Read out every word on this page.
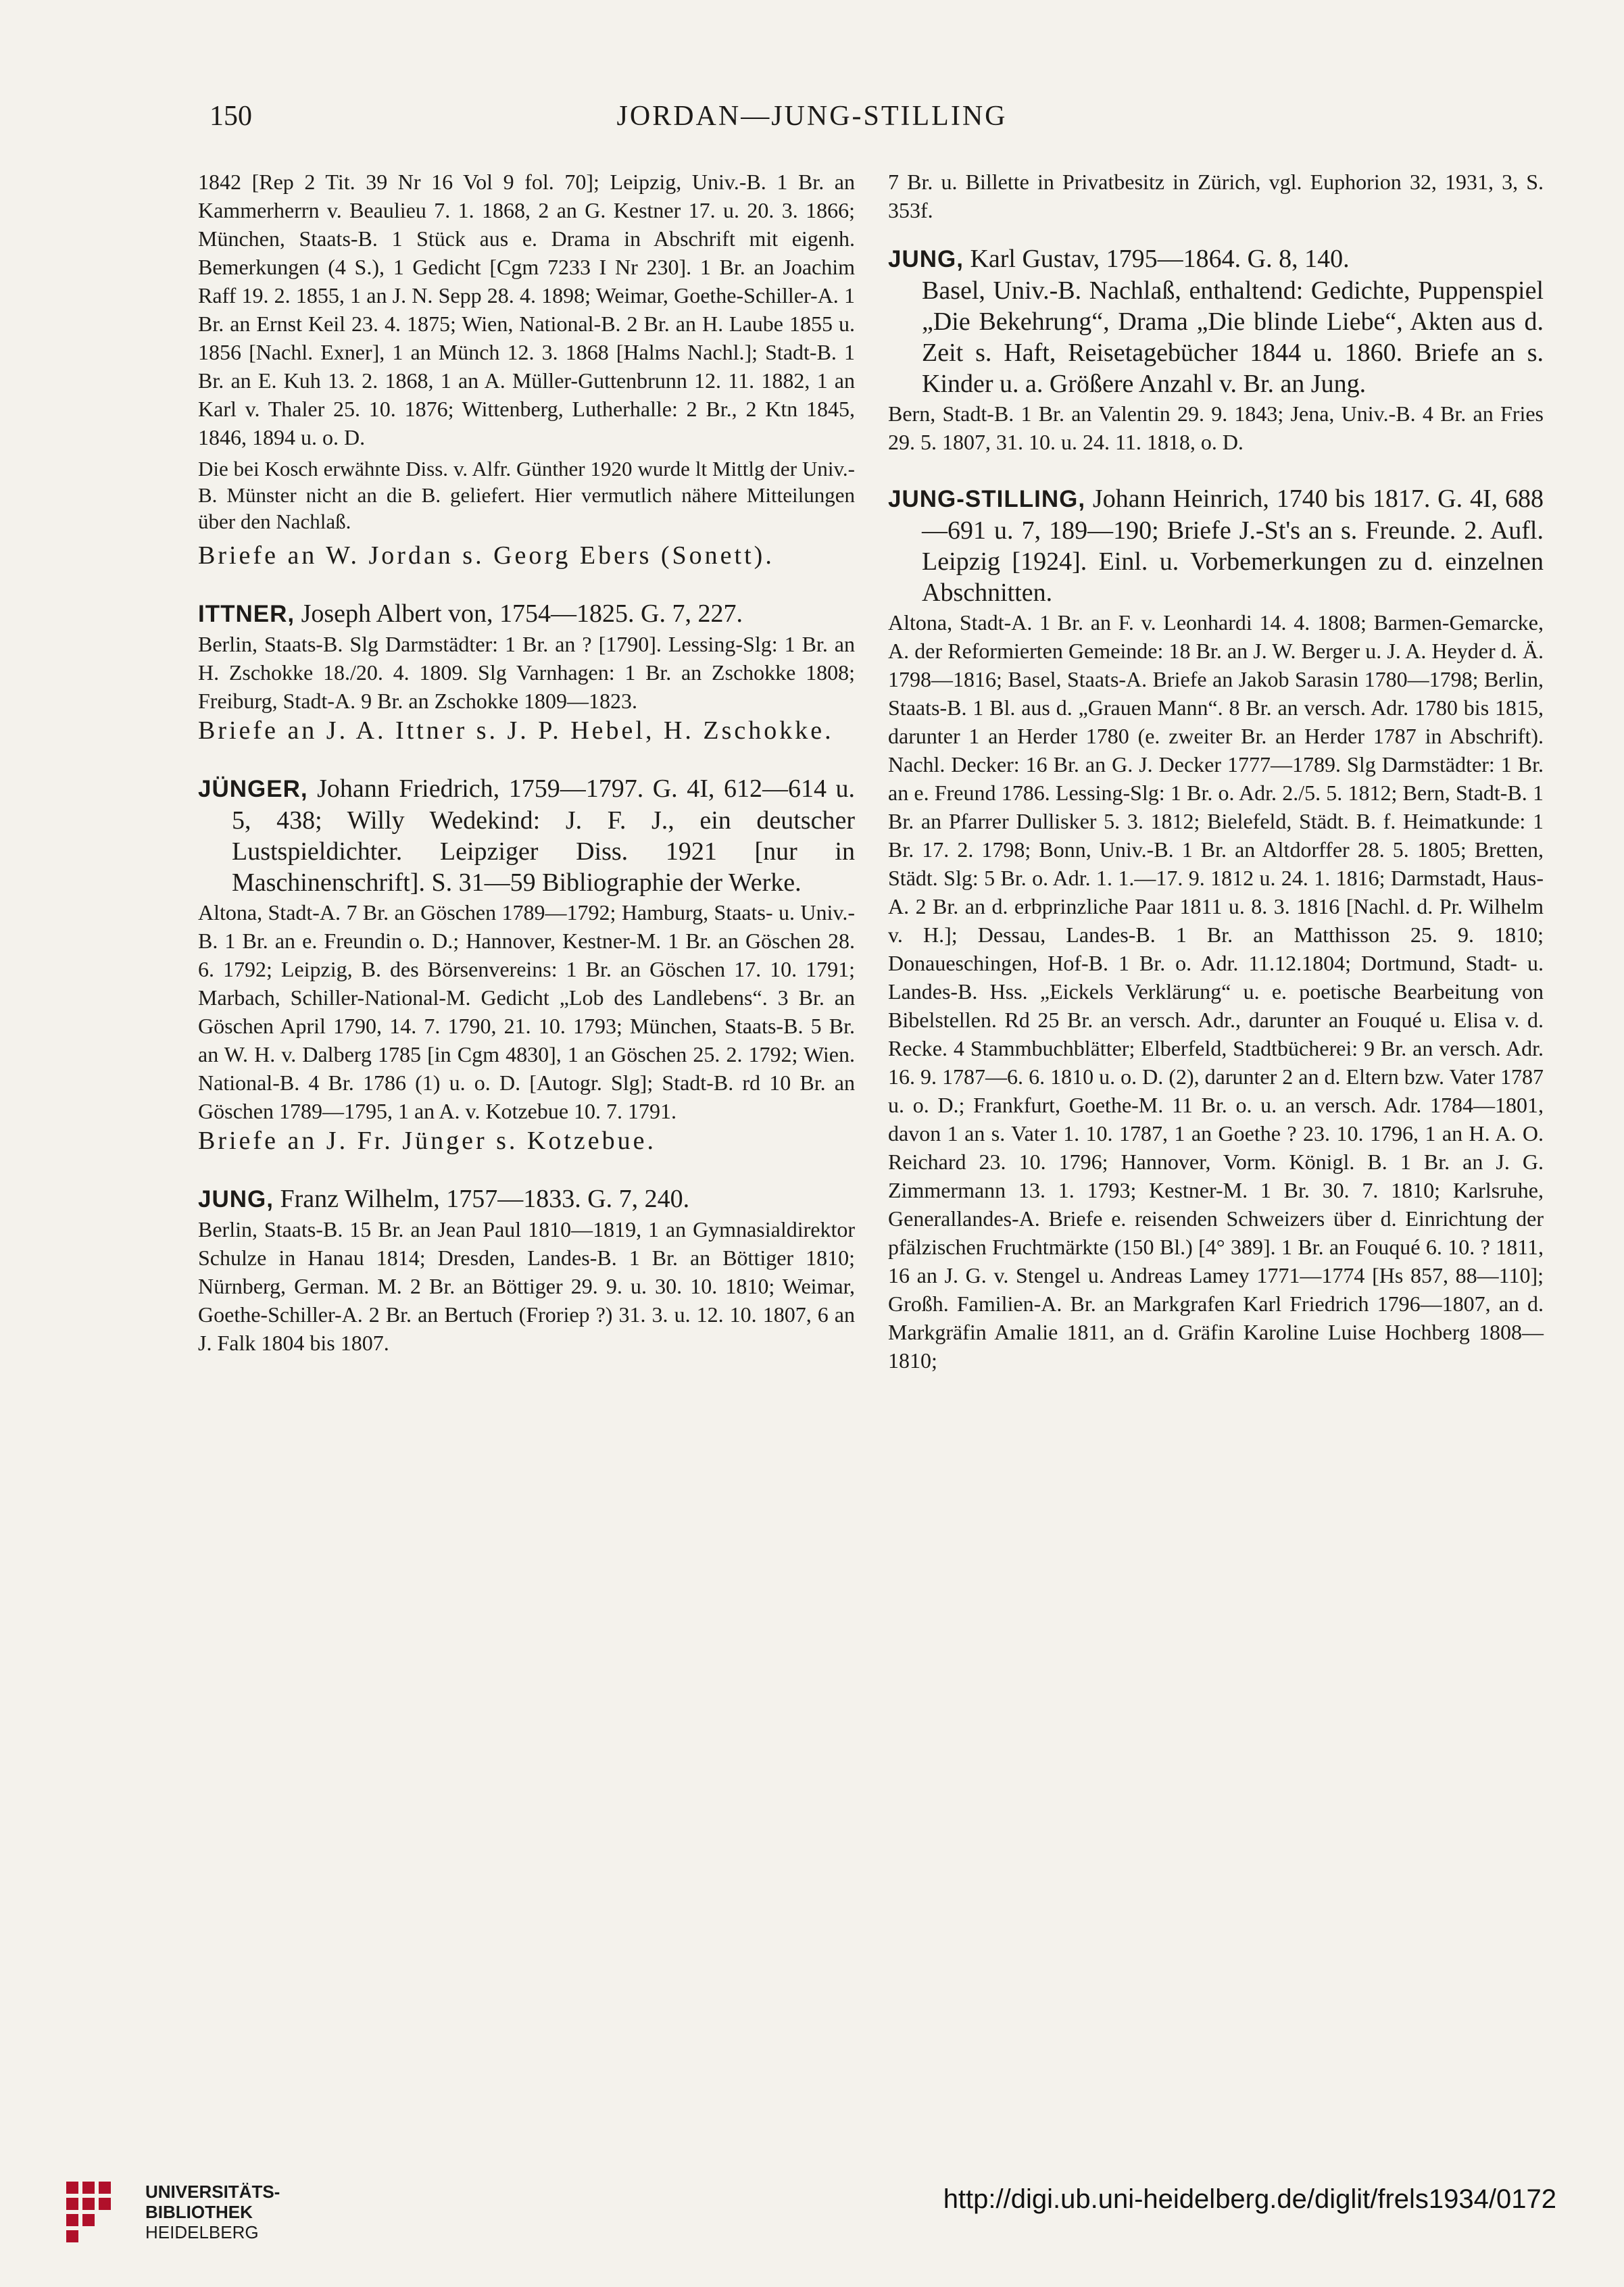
150	JORDAN—JUNG-STILLING

1842 [Rep 2 Tit. 39 Nr 16 Vol 9 fol. 70]; Leipzig, Univ.-B. 1 Br. an Kammerherrn v. Beaulieu 7. 1. 1868, 2 an G. Kestner 17. u. 20. 3. 1866; München, Staats-B. 1 Stück aus e. Drama in Abschrift mit eigenh. Bemerkungen (4 S.), 1 Gedicht [Cgm 7233 I Nr 230]. 1 Br. an Joachim Raff 19. 2. 1855, 1 an J. N. Sepp 28. 4. 1898; Weimar, Goethe-Schiller-A. 1 Br. an Ernst Keil 23. 4. 1875; Wien, National-B. 2 Br. an H. Laube 1855 u. 1856 [Nachl. Exner], 1 an Münch 12. 3. 1868 [Halms Nachl.]; Stadt-B. 1 Br. an E. Kuh 13. 2. 1868, 1 an A. Müller-Guttenbrunn 12. 11. 1882, 1 an Karl v. Thaler 25. 10. 1876; Wittenberg, Lutherhalle: 2 Br., 2 Ktn 1845, 1846, 1894 u. o. D.

Die bei Kosch erwähnte Diss. v. Alfr. Günther 1920 wurde lt Mittlg der Univ.-B. Münster nicht an die B. geliefert. Hier vermutlich nähere Mitteilungen über den Nachlaß.

Briefe an W. Jordan s. Georg Ebers (Sonett).

ITTNER, Joseph Albert von, 1754—1825. G. 7, 227.

Berlin, Staats-B. Slg Darmstädter: 1 Br. an ? [1790]. Lessing-Slg: 1 Br. an H. Zschokke 18./20. 4. 1809. Slg Varnhagen: 1 Br. an Zschokke 1808; Freiburg, Stadt-A. 9 Br. an Zschokke 1809—1823.

Briefe an J. A. Ittner s. J. P. Hebel, H. Zschokke.

JÜNGER, Johann Friedrich, 1759—1797. G. 4I, 612—614 u. 5, 438; Willy Wedekind: J. F. J., ein deutscher Lustspieldichter. Leipziger Diss. 1921 [nur in Maschinenschrift]. S. 31—59 Bibliographie der Werke.

Altona, Stadt-A. 7 Br. an Göschen 1789—1792; Hamburg, Staats- u. Univ.-B. 1 Br. an e. Freundin o. D.; Hannover, Kestner-M. 1 Br. an Göschen 28. 6. 1792; Leipzig, B. des Börsenvereins: 1 Br. an Göschen 17. 10. 1791; Marbach, Schiller-National-M. Gedicht „Lob des Landlebens“. 3 Br. an Göschen April 1790, 14. 7. 1790, 21. 10. 1793; München, Staats-B. 5 Br. an W. H. v. Dalberg 1785 [in Cgm 4830], 1 an Göschen 25. 2. 1792; Wien. National-B. 4 Br. 1786 (1) u. o. D. [Autogr. Slg]; Stadt-B. rd 10 Br. an Göschen 1789—1795, 1 an A. v. Kotzebue 10. 7. 1791.

Briefe an J. Fr. Jünger s. Kotzebue.

JUNG, Franz Wilhelm, 1757—1833. G. 7, 240.

Berlin, Staats-B. 15 Br. an Jean Paul 1810—1819, 1 an Gymnasialdirektor Schulze in Hanau 1814; Dresden, Landes-B. 1 Br. an Böttiger 1810; Nürnberg, German. M. 2 Br. an Böttiger 29. 9. u. 30. 10. 1810; Weimar, Goethe-Schiller-A. 2 Br. an Bertuch (Froriep ?) 31. 3. u. 12. 10. 1807, 6 an J. Falk 1804 bis 1807.

7 Br. u. Billette in Privatbesitz in Zürich, vgl. Euphorion 32, 1931, 3, S. 353f.

JUNG, Karl Gustav, 1795—1864. G. 8, 140.

Basel, Univ.-B. Nachlaß, enthaltend: Gedichte, Puppenspiel „Die Bekehrung“, Drama „Die blinde Liebe“, Akten aus d. Zeit s. Haft, Reisetagebücher 1844 u. 1860. Briefe an s. Kinder u. a. Größere Anzahl v. Br. an Jung.

Bern, Stadt-B. 1 Br. an Valentin 29. 9. 1843; Jena, Univ.-B. 4 Br. an Fries 29. 5. 1807, 31. 10. u. 24. 11. 1818, o. D.

JUNG-STILLING, Johann Heinrich, 1740 bis 1817. G. 4I, 688—691 u. 7, 189—190; Briefe J.-St's an s. Freunde. 2. Aufl. Leipzig [1924]. Einl. u. Vorbemerkungen zu d. einzelnen Abschnitten.

Altona, Stadt-A. 1 Br. an F. v. Leonhardi 14. 4. 1808; Barmen-Gemarcke, A. der Reformierten Gemeinde: 18 Br. an J. W. Berger u. J. A. Heyder d. Ä. 1798—1816; Basel, Staats-A. Briefe an Jakob Sarasin 1780—1798; Berlin, Staats-B. 1 Bl. aus d. „Grauen Mann“. 8 Br. an versch. Adr. 1780 bis 1815, darunter 1 an Herder 1780 (e. zweiter Br. an Herder 1787 in Abschrift). Nachl. Decker: 16 Br. an G. J. Decker 1777—1789. Slg Darmstädter: 1 Br. an e. Freund 1786. Lessing-Slg: 1 Br. o. Adr. 2./5. 5. 1812; Bern, Stadt-B. 1 Br. an Pfarrer Dullisker 5. 3. 1812; Bielefeld, Städt. B. f. Heimatkunde: 1 Br. 17. 2. 1798; Bonn, Univ.-B. 1 Br. an Altdorffer 28. 5. 1805; Bretten, Städt. Slg: 5 Br. o. Adr. 1. 1.—17. 9. 1812 u. 24. 1. 1816; Darmstadt, Haus-A. 2 Br. an d. erbprinzliche Paar 1811 u. 8. 3. 1816 [Nachl. d. Pr. Wilhelm v. H.]; Dessau, Landes-B. 1 Br. an Matthisson 25. 9. 1810; Donaueschingen, Hof-B. 1 Br. o. Adr. 11.12.1804; Dortmund, Stadt- u. Landes-B. Hss. „Eickels Verklärung“ u. e. poetische Bearbeitung von Bibelstellen. Rd 25 Br. an versch. Adr., darunter an Fouqué u. Elisa v. d. Recke. 4 Stammbuchblätter; Elberfeld, Stadtbücherei: 9 Br. an versch. Adr. 16. 9. 1787—6. 6. 1810 u. o. D. (2), darunter 2 an d. Eltern bzw. Vater 1787 u. o. D.; Frankfurt, Goethe-M. 11 Br. o. u. an versch. Adr. 1784—1801, davon 1 an s. Vater 1. 10. 1787, 1 an Goethe ? 23. 10. 1796, 1 an H. A. O. Reichard 23. 10. 1796; Hannover, Vorm. Königl. B. 1 Br. an J. G. Zimmermann 13. 1. 1793; Kestner-M. 1 Br. 30. 7. 1810; Karlsruhe, Generallandes-A. Briefe e. reisenden Schweizers über d. Einrichtung der pfälzischen Fruchtmärkte (150 Bl.) [4° 389]. 1 Br. an Fouqué 6. 10. ? 1811, 16 an J. G. v. Stengel u. Andreas Lamey 1771—1774 [Hs 857, 88—110]; Großh. Familien-A. Br. an Markgrafen Karl Friedrich 1796—1807, an d. Markgräfin Amalie 1811, an d. Gräfin Karoline Luise Hochberg 1808—1810;

UNIVERSITÄTS-
BIBLIOTHEK
HEIDELBERG
http://digi.ub.uni-heidelberg.de/diglit/frels1934/0172
